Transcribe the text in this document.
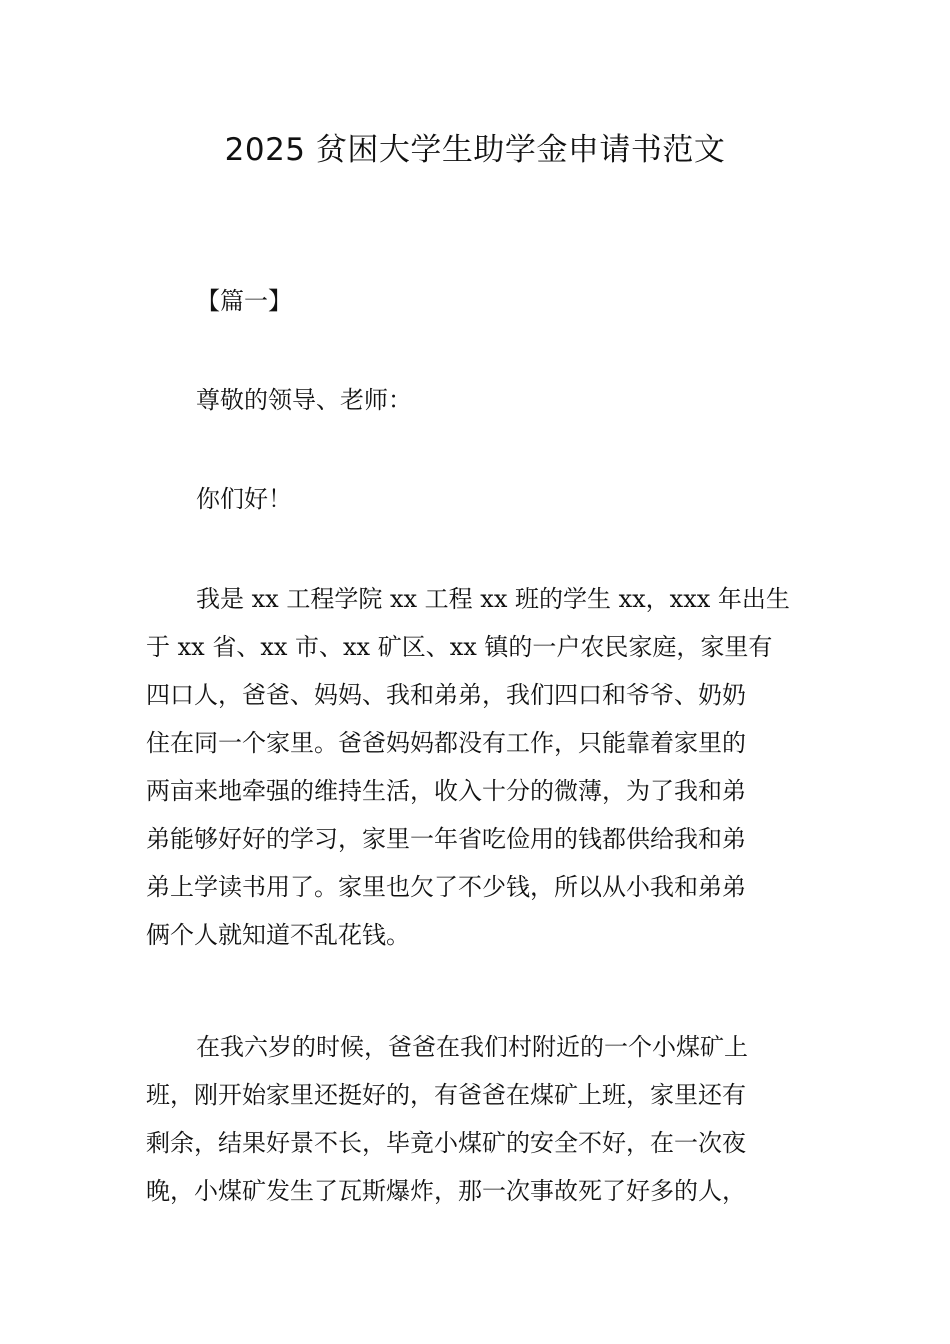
2025 贫困大学生助学金申请书范文
【篇一】
尊敬的领导、老师：
你们好！
我是 xx 工程学院 xx 工程 xx 班的学生 xx，xxx 年出生
于 xx 省、xx 市、xx 矿区、xx 镇的一户农民家庭，家里有
四口人，爸爸、妈妈、我和弟弟，我们四口和爷爷、奶奶
住在同一个家里。爸爸妈妈都没有工作，只能靠着家里的
两亩来地牵强的维持生活，收入十分的微薄，为了我和弟
弟能够好好的学习，家里一年省吃俭用的钱都供给我和弟
弟上学读书用了。家里也欠了不少钱，所以从小我和弟弟
俩个人就知道不乱花钱。
在我六岁的时候，爸爸在我们村附近的一个小煤矿上
班，刚开始家里还挺好的，有爸爸在煤矿上班，家里还有
剩余，结果好景不长，毕竟小煤矿的安全不好，在一次夜
晚，小煤矿发生了瓦斯爆炸，那一次事故死了好多的人，
